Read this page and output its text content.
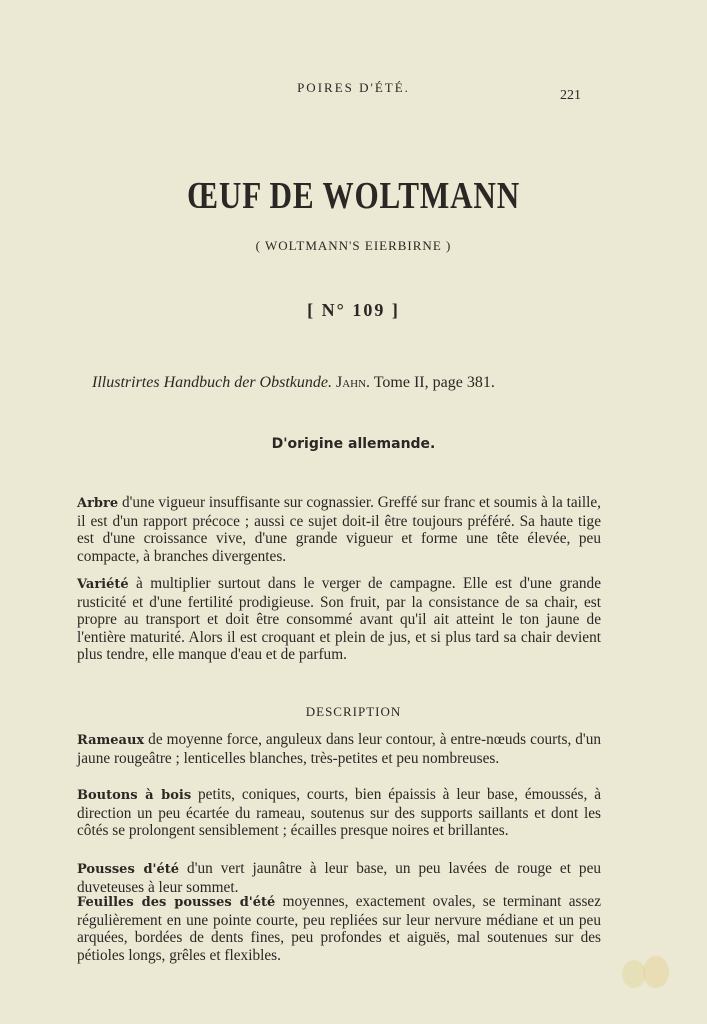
POIRES D'ÉTÉ.
221
ŒUF DE WOLTMANN
( WOLTMANN'S EIERBIRNE )
[ N° 109 ]
Illustrirtes Handbuch der Obstkunde. Jahn. Tome II, page 381.
D'origine allemande.

Arbre d'une vigueur insuffisante sur cognassier. Greffé sur franc et soumis à la taille, il est d'un rapport précoce ; aussi ce sujet doit-il être toujours préféré. Sa haute tige est d'une croissance vive, d'une grande vigueur et forme une tête élevée, peu compacte, à branches divergentes.

Variété à multiplier surtout dans le verger de campagne. Elle est d'une grande rusticité et d'une fertilité prodigieuse. Son fruit, par la consistance de sa chair, est propre au transport et doit être consommé avant qu'il ait atteint le ton jaune de l'entière maturité. Alors il est croquant et plein de jus, et si plus tard sa chair devient plus tendre, elle manque d'eau et de parfum.

DESCRIPTION

Rameaux de moyenne force, anguleux dans leur contour, à entre-nœuds courts, d'un jaune rougeâtre ; lenticelles blanches, très-petites et peu nombreuses.

Boutons à bois petits, coniques, courts, bien épaissis à leur base, émoussés, à direction un peu écartée du rameau, soutenus sur des supports saillants et dont les côtés se prolongent sensiblement ; écailles presque noires et brillantes.

Pousses d'été d'un vert jaunâtre à leur base, un peu lavées de rouge et peu duveteuses à leur sommet.

Feuilles des pousses d'été moyennes, exactement ovales, se terminant assez régulièrement en une pointe courte, peu repliées sur leur nervure médiane et un peu arquées, bordées de dents fines, peu profondes et aiguës, mal soutenues sur des pétioles longs, grêles et flexibles.
